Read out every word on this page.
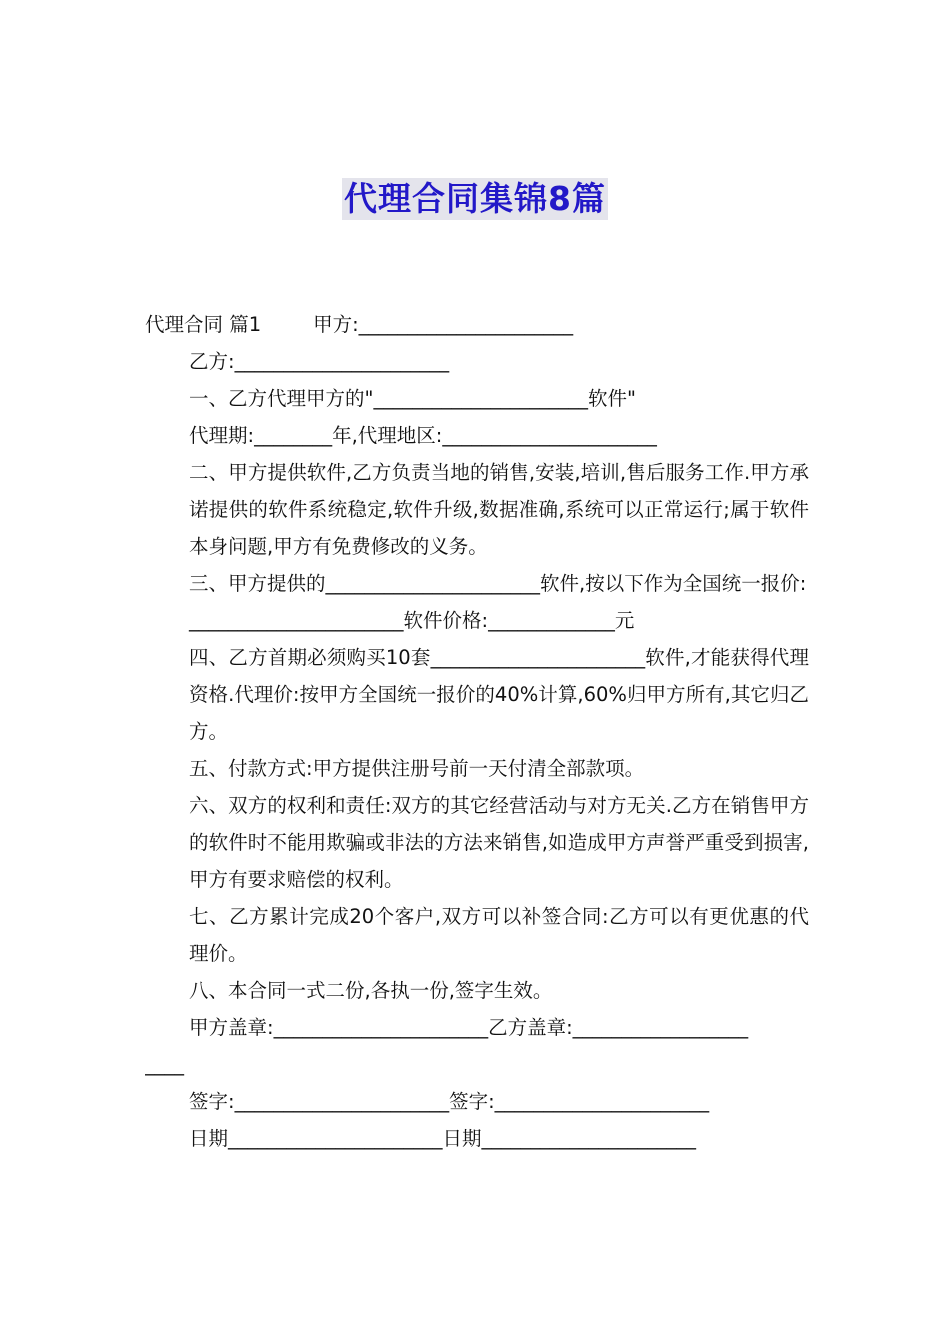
代理合同集锦8篇

代理合同 篇1	甲方:______________________

乙方:______________________

一、乙方代理甲方的"______________________软件"

代理期:________年,代理地区:______________________

二、甲方提供软件,乙方负责当地的销售,安装,培训,售后服务工作.甲方承诺提供的软件系统稳定,软件升级,数据准确,系统可以正常运行;属于软件本身问题,甲方有免费修改的义务。

三、甲方提供的______________________软件,按以下作为全国统一报价:

______________________软件价格:_____________元

四、乙方首期必须购买10套______________________软件,才能获得代理资格.代理价:按甲方全国统一报价的40%计算,60%归甲方所有,其它归乙方。

五、付款方式:甲方提供注册号前一天付清全部款项。

六、双方的权利和责任:双方的其它经营活动与对方无关.乙方在销售甲方的软件时不能用欺骗或非法的方法来销售,如造成甲方声誉严重受到损害,甲方有要求赔偿的权利。

七、乙方累计完成20个客户,双方可以补签合同:乙方可以有更优惠的代理价。

八、本合同一式二份,各执一份,签字生效。

甲方盖章:______________________乙方盖章:__________________

____

签字:______________________签字:______________________

日期______________________日期______________________
